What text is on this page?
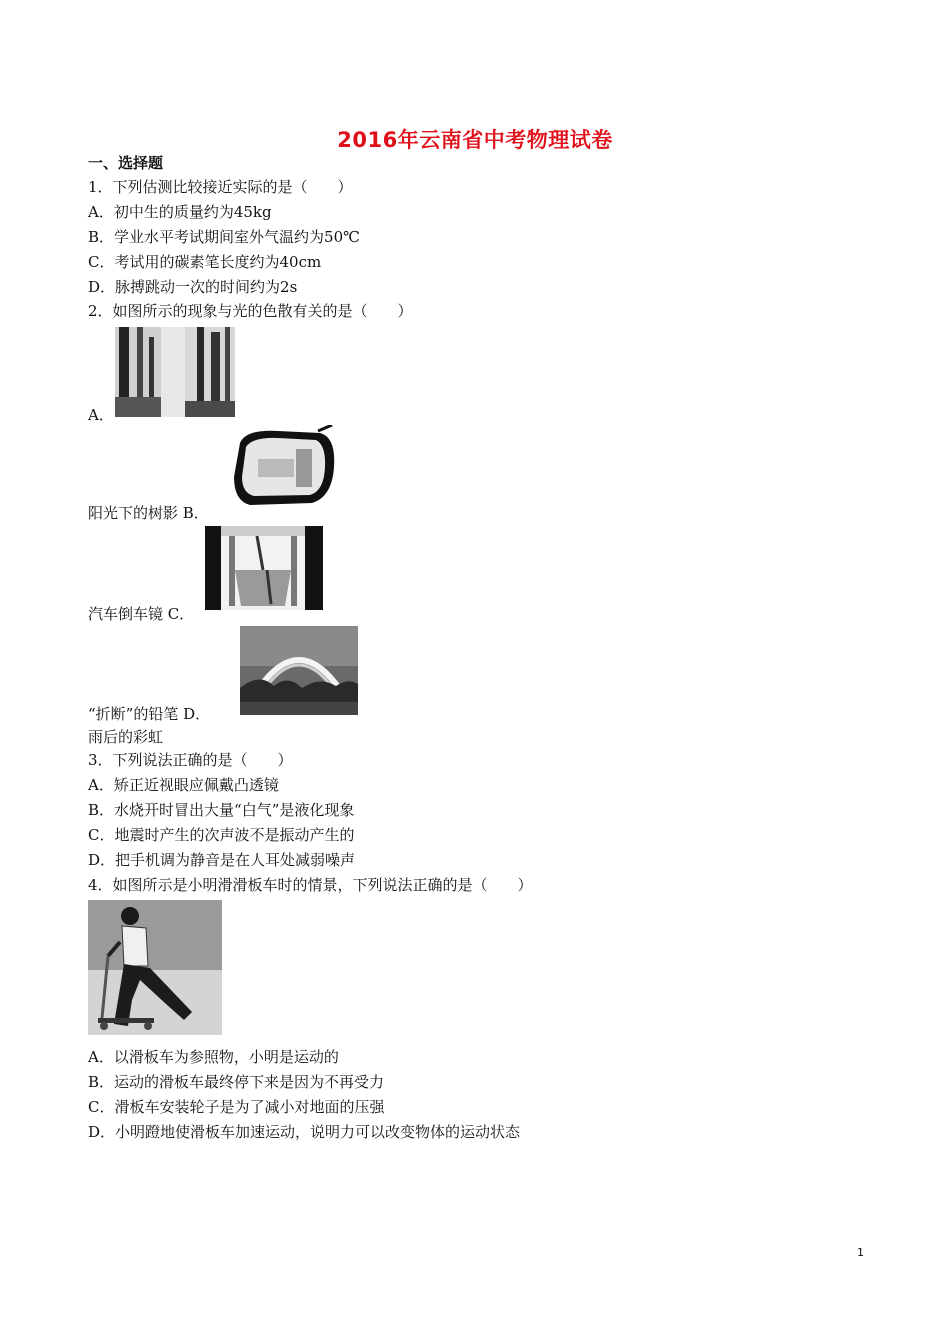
2016年云南省中考物理试卷
一、选择题
1．下列估测比较接近实际的是（　　）
A．初中生的质量约为45kg
B．学业水平考试期间室外气温约为50℃
C．考试用的碳素笔长度约为40cm
D．脉搏跳动一次的时间约为2s
2．如图所示的现象与光的色散有关的是（　　）
A．
阳光下的树影 B．
汽车倒车镜 C．
“折断”的铅笔 D．
雨后的彩虹
3．下列说法正确的是（　　）
A．矫正近视眼应佩戴凸透镜
B．水烧开时冒出大量“白气”是液化现象
C．地震时产生的次声波不是振动产生的
D．把手机调为静音是在人耳处减弱噪声
4．如图所示是小明滑滑板车时的情景，下列说法正确的是（　　）
A．以滑板车为参照物，小明是运动的
B．运动的滑板车最终停下来是因为不再受力
C．滑板车安装轮子是为了减小对地面的压强
D．小明蹬地使滑板车加速运动，说明力可以改变物体的运动状态
1
